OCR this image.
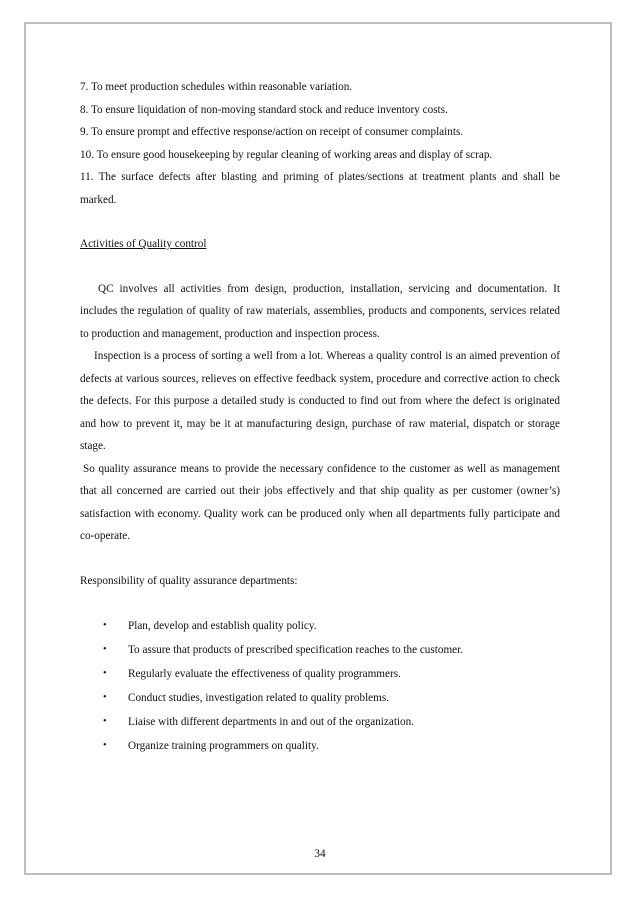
7. To meet production schedules within reasonable variation.
8. To ensure liquidation of non-moving standard stock and reduce inventory costs.
9. To ensure prompt and effective response/action on receipt of consumer complaints.
10. To ensure good housekeeping by regular cleaning of working areas and display of scrap.
11. The surface defects after blasting and priming of plates/sections at treatment plants and shall be marked.
Activities of Quality control
QC involves all activities from design, production, installation, servicing and documentation. It includes the regulation of quality of raw materials, assemblies, products and components, services related to production and management, production and inspection process.
Inspection is a process of sorting a well from a lot. Whereas a quality control is an aimed prevention of defects at various sources, relieves on effective feedback system, procedure and corrective action to check the defects. For this purpose a detailed study is conducted to find out from where the defect is originated and how to prevent it, may be it at manufacturing design, purchase of raw material, dispatch or storage stage.
So quality assurance means to provide the necessary confidence to the customer as well as management that all concerned are carried out their jobs effectively and that ship quality as per customer (owner’s) satisfaction with economy. Quality work can be produced only when all departments fully participate and co-operate.
Responsibility of quality assurance departments:
• Plan, develop and establish quality policy.
• To assure that products of prescribed specification reaches to the customer.
• Regularly evaluate the effectiveness of quality programmers.
• Conduct studies, investigation related to quality problems.
• Liaise with different departments in and out of the organization.
• Organize training programmers on quality.
34
